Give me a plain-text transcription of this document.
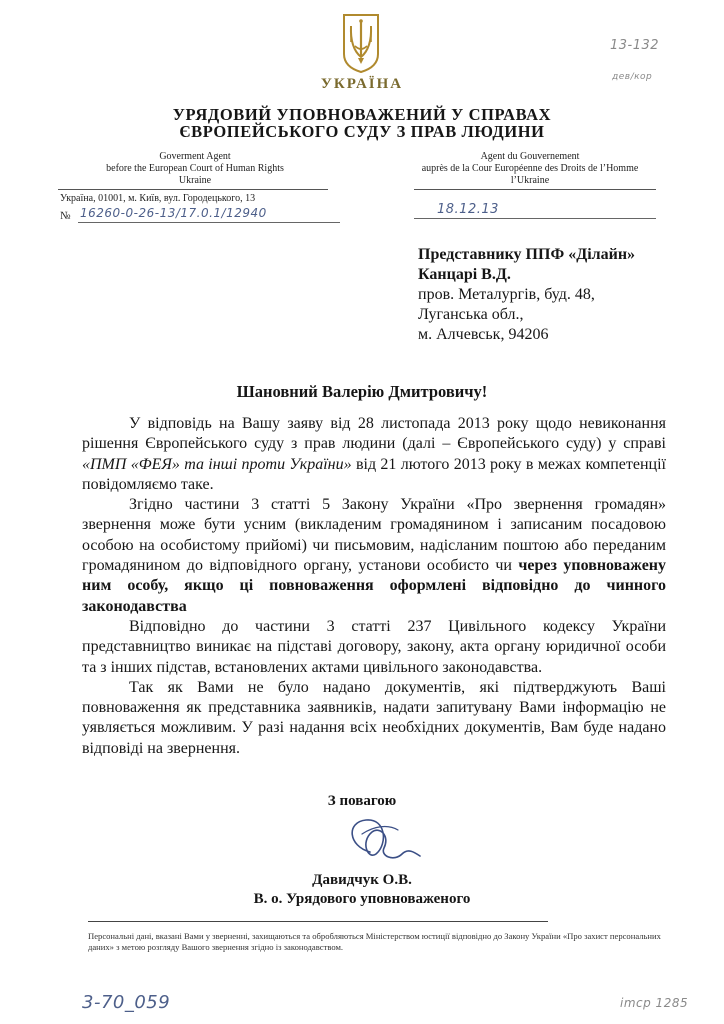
УКРАЇНА
УРЯДОВИЙ УПОВНОВАЖЕНИЙ У СПРАВАХ
ЄВРОПЕЙСЬКОГО СУДУ З ПРАВ ЛЮДИНИ
Goverment Agent
before the European Court of Human Rights
Ukraine
Agent du Gouvernement
auprès de la Cour Européenne des Droits de l’Homme
l’Ukraine
Україна, 01001, м. Київ, вул. Городецького, 13
№ 16260-0-26-13/17.0.1/12940	18.12.13
13-132
дев/кор
Представнику ППФ «Ділайн»
Канцарі В.Д.
пров. Металургів, буд. 48,
Луганська обл.,
м. Алчевськ, 94206
Шановний Валерію Дмитровичу!

У відповідь на Вашу заяву від 28 листопада 2013 року щодо невиконання рішення Європейського суду з прав людини (далі – Європейського суду) у справі «ПМП «ФЕЯ» та інші проти України» від 21 лютого 2013 року в межах компетенції повідомляємо таке.

Згідно частини 3 статті 5 Закону України «Про звернення громадян» звернення може бути усним (викладеним громадянином і записаним посадовою особою на особистому прийомі) чи письмовим, надісланим поштою або переданим громадянином до відповідного органу, установи особисто чи через уповноважену ним особу, якщо ці повноваження оформлені відповідно до чинного законодавства

Відповідно до частини 3 статті 237 Цивільного кодексу України представництво виникає на підставі договору, закону, акта органу юридичної особи та з інших підстав, встановлених актами цивільного законодавства.

Так як Вами не було надано документів, які підтверджують Ваші повноваження як представника заявників, надати запитувану Вами інформацію не уявляється можливим. У разі надання всіх необхідних документів, Вам буде надано відповіді на звернення.

З повагою
Давидчук О.В.
В. о. Урядового уповноваженого
Персональні дані, вказані Вами у зверненні, захищаються та обробляються Міністерством юстиції відповідно до Закону України «Про захист персональних даних» з метою розгляду Вашого звернення згідно із законодавством.
3-70_059	imcp 1285
